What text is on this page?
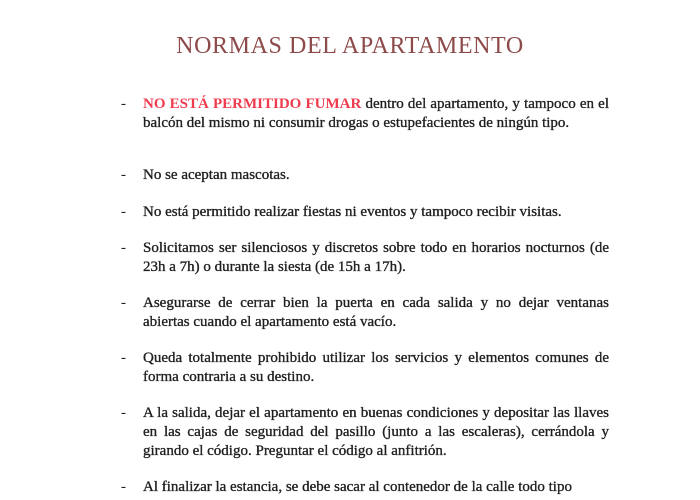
NORMAS DEL APARTAMENTO
-	NO ESTÁ PERMITIDO FUMAR dentro del apartamento, y tampoco en el balcón del mismo ni consumir drogas o estupefacientes de ningún tipo.
-	No se aceptan mascotas.
-	No está permitido realizar fiestas ni eventos y tampoco recibir visitas.
-	Solicitamos ser silenciosos y discretos sobre todo en horarios nocturnos (de 23h a 7h) o durante la siesta (de 15h a 17h).
-	Asegurarse de cerrar bien la puerta en cada salida y no dejar ventanas abiertas cuando el apartamento está vacío.
-	Queda totalmente prohibido utilizar los servicios y elementos comunes de forma contraria a su destino.
-	A la salida, dejar el apartamento en buenas condiciones y depositar las llaves en las cajas de seguridad del pasillo (junto a las escaleras), cerrándola y girando el código. Preguntar el código al anfitrión.
-	Al finalizar la estancia, se debe sacar al contenedor de la calle todo tipo
